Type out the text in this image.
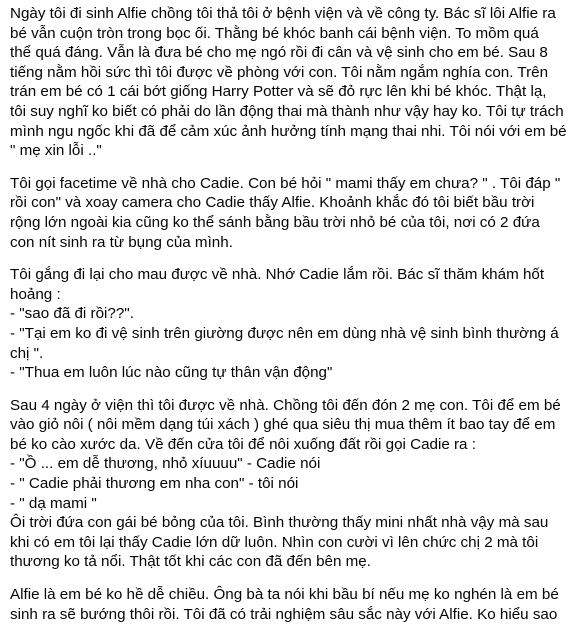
Ngày tôi đi sinh Alfie chồng tôi thả tôi ở bệnh viện và về công ty. Bác sĩ lôi Alfie ra
bé vẫn cuộn tròn trong bọc ối. Thằng bé khóc banh cái bệnh viện. To mồm quá
thể quá đáng. Vẫn là đưa bé cho mẹ ngó rồi đi cân và vệ sinh cho em bé. Sau 8
tiếng nằm hồi sức thì tôi được về phòng với con. Tôi nằm ngắm nghía con. Trên
trán em bé có 1 cái bớt giống Harry Potter và sẽ đỏ rực lên khi bé khóc. Thật lạ,
tôi suy nghĩ ko biết có phải do lần động thai mà thành như vậy hay ko. Tôi tự trách
mình ngu ngốc khi đã để cảm xúc ảnh hưởng tính mạng thai nhi. Tôi nói với em bé
" mẹ xin lỗi .."
Tôi gọi facetime về nhà cho Cadie. Con bé hỏi " mami thấy em chưa? " . Tôi đáp "
rồi con" và xoay camera cho Cadie thấy Alfie. Khoảnh khắc đó tôi biết bầu trời
rộng lớn ngoài kia cũng ko thể sánh bằng bầu trời nhỏ bé của tôi, nơi có 2 đứa
con nít sinh ra từ bụng của mình.
Tôi gắng đi lại cho mau được về nhà. Nhớ Cadie lắm rồi. Bác sĩ thăm khám hốt
hoảng :
- "sao đã đi rồi??".
- "Tại em ko đi vệ sinh trên giường được nên em dùng nhà vệ sinh bình thường á
chị ".
- "Thua em luôn lúc nào cũng tự thân vận động"
Sau 4 ngày ở viện thì tôi được về nhà. Chồng tôi đến đón 2 mẹ con. Tôi để em bé
vào giỏ nôi ( nôi mềm dạng túi xách ) ghé qua siêu thị mua thêm ít bao tay để em
bé ko cào xước da. Về đến cửa tôi để nôi xuống đất rồi gọi Cadie ra :
- "Ồ ... em dễ thương, nhỏ xíuuuu" - Cadie nói
- " Cadie phải thương em nha con" - tôi nói
- " dạ mami "
Ôi trời đứa con gái bé bỏng của tôi. Bình thường thấy mini nhất nhà vậy mà sau
khi có em tôi lại thấy Cadie lớn dữ luôn. Nhìn con cười vì lên chức chị 2 mà tôi
thương ko tả nổi. Thật tốt khi các con đã đến bên mẹ.
Alfie là em bé ko hề dễ chiều. Ông bà ta nói khi bầu bí nếu mẹ ko nghén là em bé
sinh ra sẽ bướng thôi rồi. Tôi đã có trải nghiệm sâu sắc này với Alfie. Ko hiểu sao
